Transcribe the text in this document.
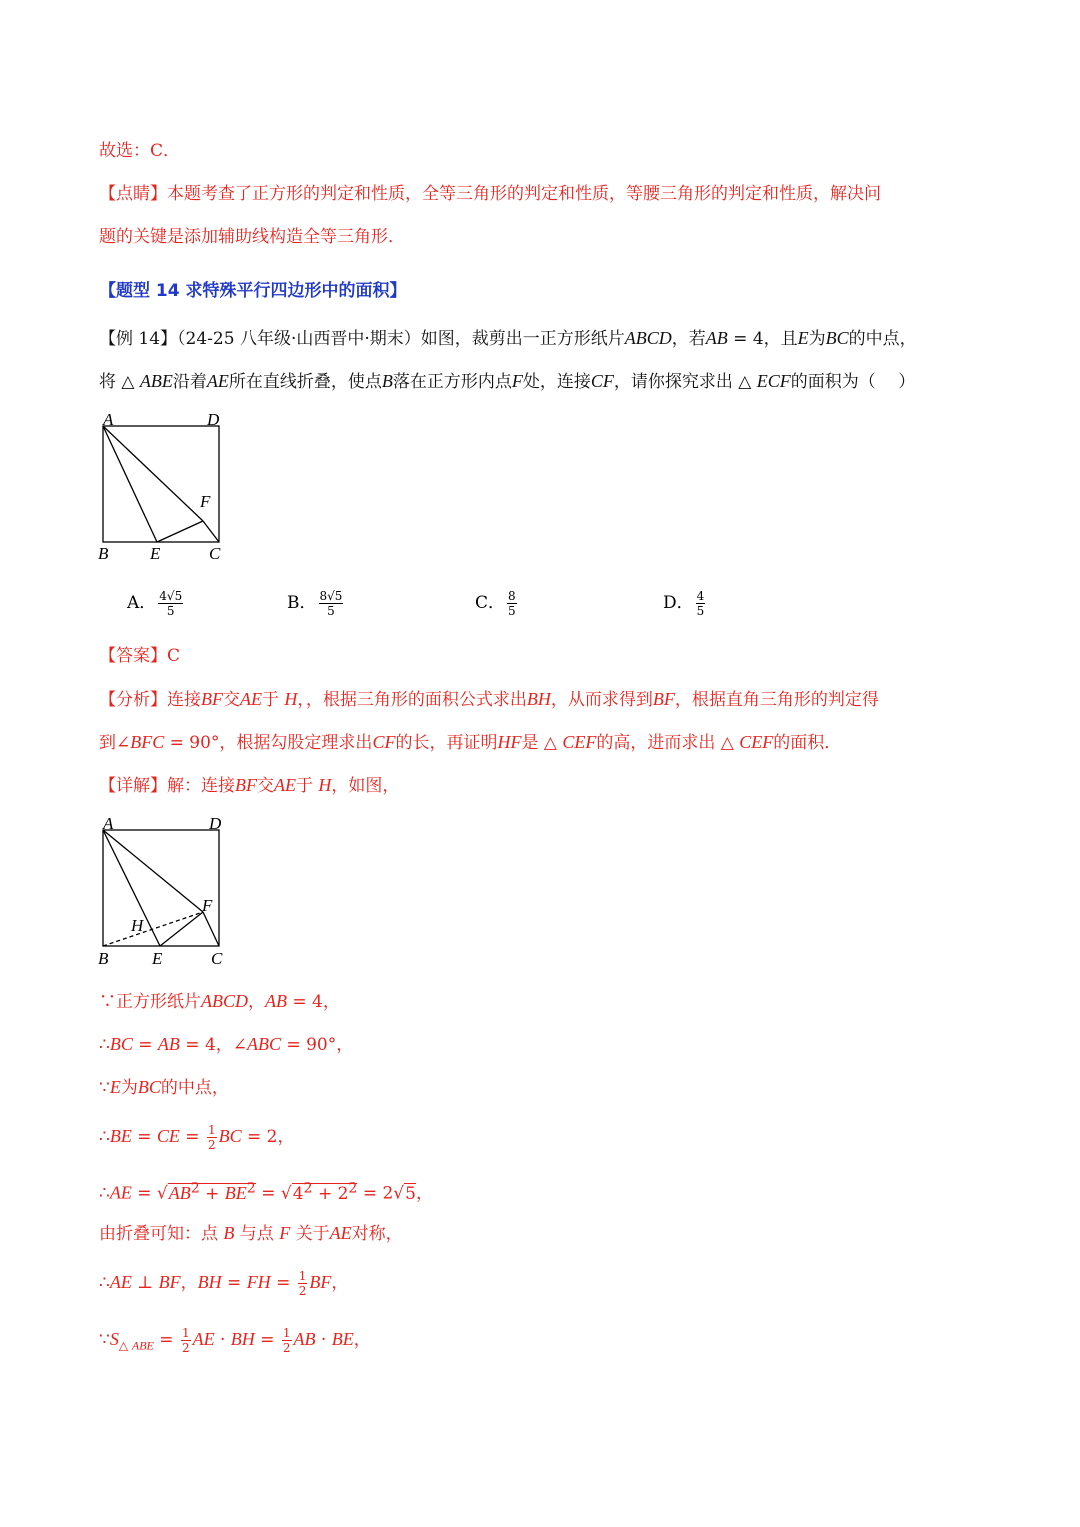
故选：C．
【点睛】本题考查了正方形的判定和性质，全等三角形的判定和性质，等腰三角形的判定和性质，解决问
题的关键是添加辅助线构造全等三角形．
【题型 14 求特殊平行四边形中的面积】
【例 14】（24-25 八年级·山西晋中·期末）如图，裁剪出一正方形纸片ABCD，若AB = 4，且E为BC的中点，
将 △ ABE沿着AE所在直线折叠，使点B落在正方形内点F处，连接CF，请你探究求出 △ ECF的面积为（　 ）
A	D
F
B E	C
A． $\frac{4√5}{5}$	B． $\frac{8√5}{5}$	C． $\frac{8}{5}$	D． $\frac{4}{5}$
【答案】C
【分析】连接BF交AE于 H，，根据三角形的面积公式求出BH，从而求得到BF，根据直角三角形的判定得
到∠BFC = 90°，根据勾股定理求出CF的长，再证明HF是 △ CEF的高，进而求出 △ CEF的面积．
【详解】解：连接BF交AE于 H，如图，
A	D
F
H
B	E	C
∵正方形纸片ABCD，AB = 4，
∴BC = AB = 4，∠ABC = 90°，
∵E为BC的中点，
∴BE = CE = $\frac{1}{2}$ BC = 2，
∴AE = $√AB^2 + BE^2 = √4^2 + 2^2 = 2√5$，
由折叠可知：点 B 与点 F 关于AE对称，
∴AE ⊥ BF，BH = FH = $\frac{1}{2}$ BF，
$\because S_{\triangle ABE} = \frac{1}{2}$ AE · BH = $\frac{1}{2}$ AB · BE，
